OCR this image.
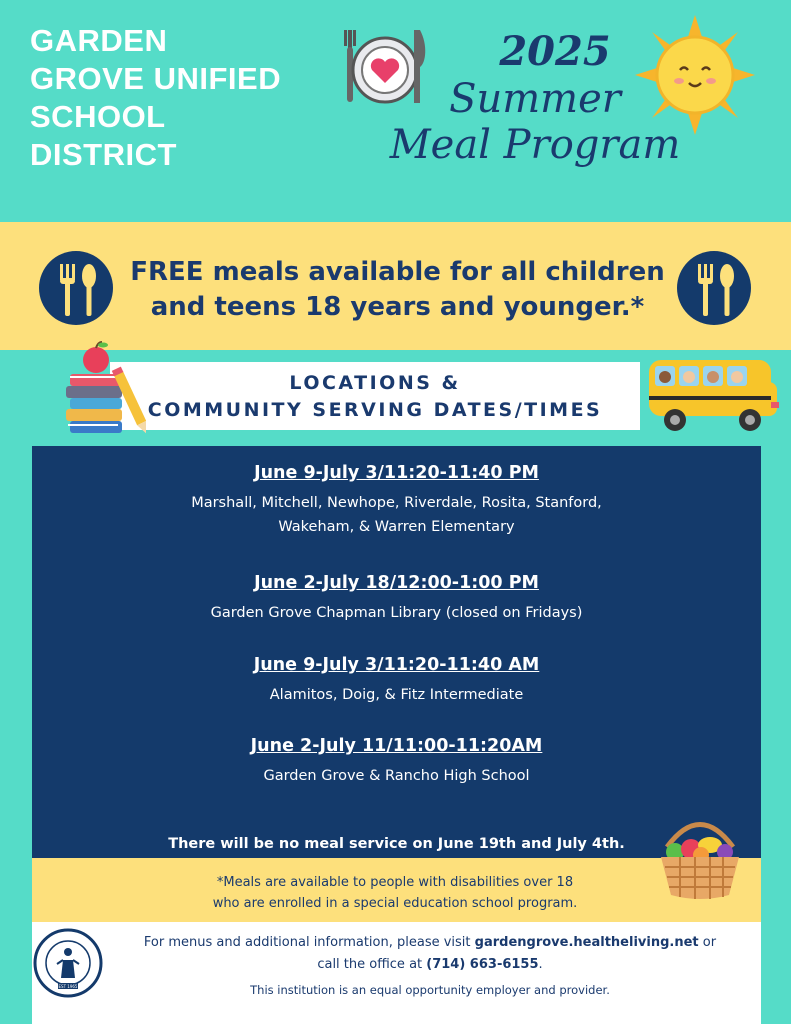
GARDEN
GROVE UNIFIED
SCHOOL
DISTRICT
2025
Summer
Meal Program
FREE meals available for all children
and teens 18 years and younger.*
LOCATIONS &
COMMUNITY SERVING DATES/TIMES
June 9-July 3/11:20-11:40 PM
Marshall, Mitchell, Newhope, Riverdale, Rosita, Stanford,
Wakeham, & Warren Elementary
June 2-July 18/12:00-1:00 PM
Garden Grove Chapman Library (closed on Fridays)
June 9-July 3/11:20-11:40 AM
Alamitos, Doig, & Fitz Intermediate
June 2-July 11/11:00-11:20AM
Garden Grove & Rancho High School
There will be no meal service on June 19th and July 4th.
*Meals are available to people with disabilities over 18
who are enrolled in a special education school program.
EST 1965
For menus and additional information, please visit gardengrove.healtheliving.net or
call the office at (714) 663-6155.
This institution is an equal opportunity employer and provider.
